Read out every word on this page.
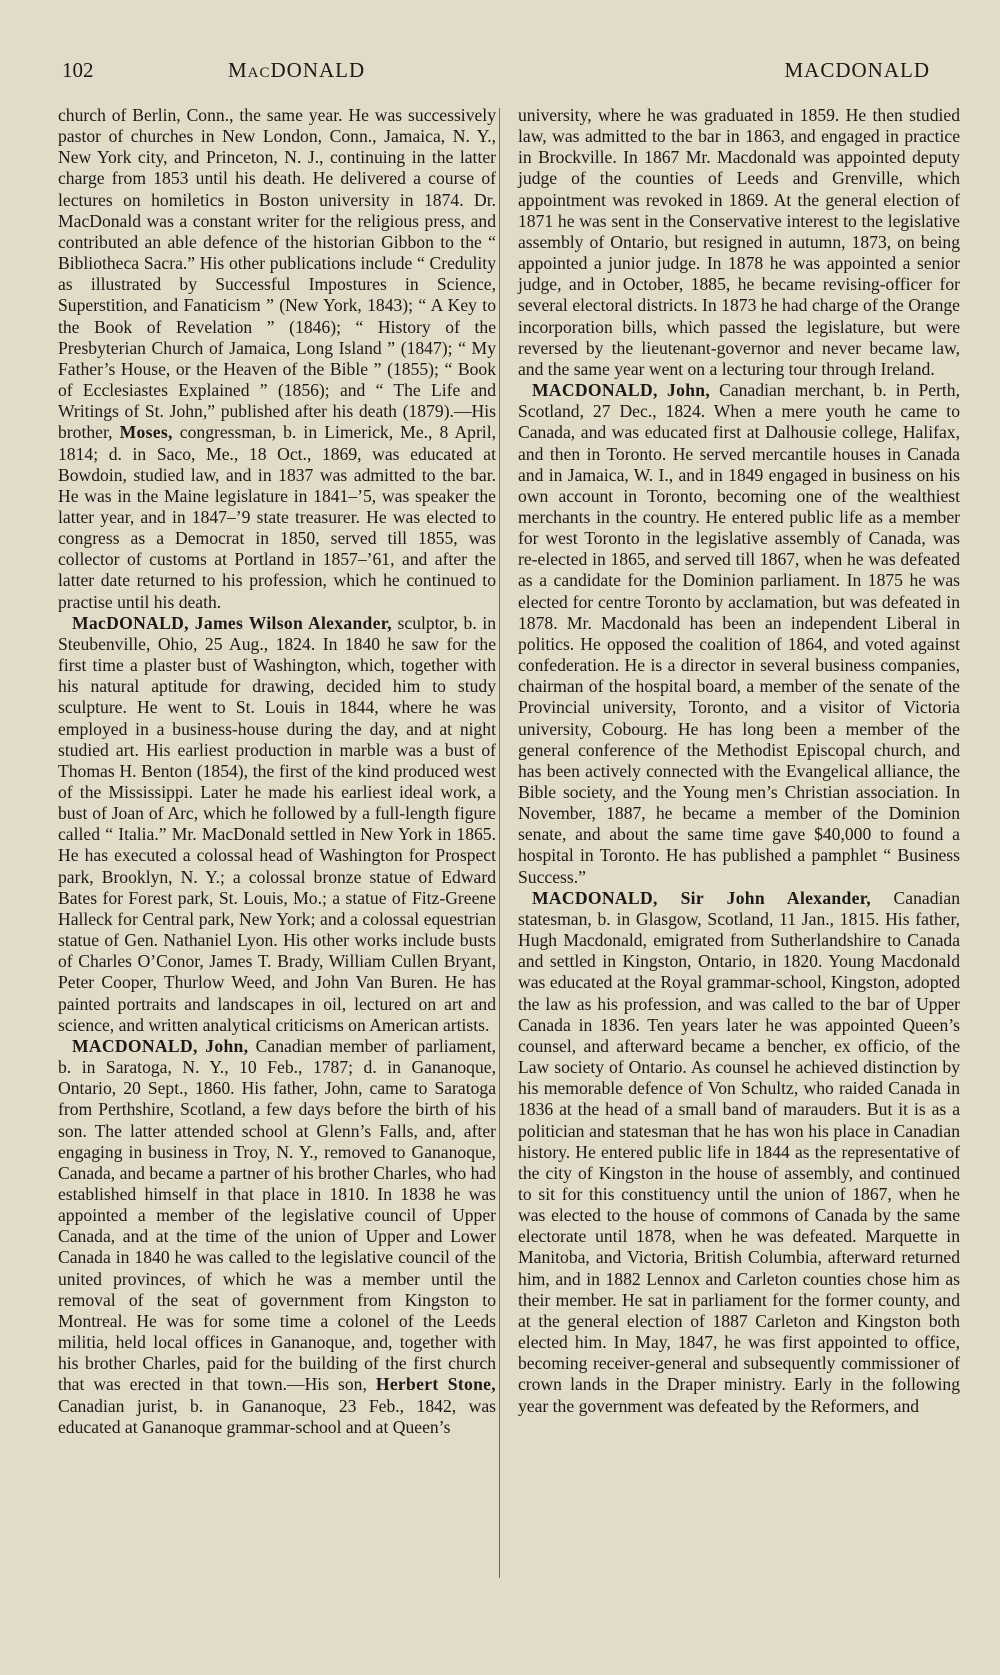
102	MacDONALD	MACDONALD

church of Berlin, Conn., the same year. He was successively pastor of churches in New London, Conn., Jamaica, N. Y., New York city, and Princeton, N. J., continuing in the latter charge from 1853 until his death. He delivered a course of lectures on homiletics in Boston university in 1874. Dr. MacDonald was a constant writer for the religious press, and contributed an able defence of the historian Gibbon to the “ Bibliotheca Sacra.” His other publications include “ Credulity as illustrated by Successful Impostures in Science, Superstition, and Fanaticism ” (New York, 1843); “ A Key to the Book of Revelation ” (1846); “ History of the Presbyterian Church of Jamaica, Long Island ” (1847); “ My Father’s House, or the Heaven of the Bible ” (1855); “ Book of Ecclesiastes Explained ” (1856); and “ The Life and Writings of St. John,” published after his death (1879).—His brother, Moses, congressman, b. in Limerick, Me., 8 April, 1814; d. in Saco, Me., 18 Oct., 1869, was educated at Bowdoin, studied law, and in 1837 was admitted to the bar. He was in the Maine legislature in 1841–’5, was speaker the latter year, and in 1847–’9 state treasurer. He was elected to congress as a Democrat in 1850, served till 1855, was collector of customs at Portland in 1857–’61, and after the latter date returned to his profession, which he continued to practise until his death.

MacDONALD, James Wilson Alexander, sculptor, b. in Steubenville, Ohio, 25 Aug., 1824. In 1840 he saw for the first time a plaster bust of Washington, which, together with his natural aptitude for drawing, decided him to study sculpture. He went to St. Louis in 1844, where he was employed in a business-house during the day, and at night studied art. His earliest production in marble was a bust of Thomas H. Benton (1854), the first of the kind produced west of the Mississippi. Later he made his earliest ideal work, a bust of Joan of Arc, which he followed by a full-length figure called “ Italia.” Mr. MacDonald settled in New York in 1865. He has executed a colossal head of Washington for Prospect park, Brooklyn, N. Y.; a colossal bronze statue of Edward Bates for Forest park, St. Louis, Mo.; a statue of Fitz-Greene Halleck for Central park, New York; and a colossal equestrian statue of Gen. Nathaniel Lyon. His other works include busts of Charles O’Conor, James T. Brady, William Cullen Bryant, Peter Cooper, Thurlow Weed, and John Van Buren. He has painted portraits and landscapes in oil, lectured on art and science, and written analytical criticisms on American artists.

MACDONALD, John, Canadian member of parliament, b. in Saratoga, N. Y., 10 Feb., 1787; d. in Gananoque, Ontario, 20 Sept., 1860. His father, John, came to Saratoga from Perthshire, Scotland, a few days before the birth of his son. The latter attended school at Glenn’s Falls, and, after engaging in business in Troy, N. Y., removed to Gananoque, Canada, and became a partner of his brother Charles, who had established himself in that place in 1810. In 1838 he was appointed a member of the legislative council of Upper Canada, and at the time of the union of Upper and Lower Canada in 1840 he was called to the legislative council of the united provinces, of which he was a member until the removal of the seat of government from Kingston to Montreal. He was for some time a colonel of the Leeds militia, held local offices in Gananoque, and, together with his brother Charles, paid for the building of the first church that was erected in that town.—His son, Herbert Stone, Canadian jurist, b. in Gananoque, 23 Feb., 1842, was educated at Gananoque grammar-school and at Queen’s

university, where he was graduated in 1859. He then studied law, was admitted to the bar in 1863, and engaged in practice in Brockville. In 1867 Mr. Macdonald was appointed deputy judge of the counties of Leeds and Grenville, which appointment was revoked in 1869. At the general election of 1871 he was sent in the Conservative interest to the legislative assembly of Ontario, but resigned in autumn, 1873, on being appointed a junior judge. In 1878 he was appointed a senior judge, and in October, 1885, he became revising-officer for several electoral districts. In 1873 he had charge of the Orange incorporation bills, which passed the legislature, but were reversed by the lieutenant-governor and never became law, and the same year went on a lecturing tour through Ireland.

MACDONALD, John, Canadian merchant, b. in Perth, Scotland, 27 Dec., 1824. When a mere youth he came to Canada, and was educated first at Dalhousie college, Halifax, and then in Toronto. He served mercantile houses in Canada and in Jamaica, W. I., and in 1849 engaged in business on his own account in Toronto, becoming one of the wealthiest merchants in the country. He entered public life as a member for west Toronto in the legislative assembly of Canada, was re-elected in 1865, and served till 1867, when he was defeated as a candidate for the Dominion parliament. In 1875 he was elected for centre Toronto by acclamation, but was defeated in 1878. Mr. Macdonald has been an independent Liberal in politics. He opposed the coalition of 1864, and voted against confederation. He is a director in several business companies, chairman of the hospital board, a member of the senate of the Provincial university, Toronto, and a visitor of Victoria university, Cobourg. He has long been a member of the general conference of the Methodist Episcopal church, and has been actively connected with the Evangelical alliance, the Bible society, and the Young men’s Christian association. In November, 1887, he became a member of the Dominion senate, and about the same time gave $40,000 to found a hospital in Toronto. He has published a pamphlet “ Business Success.”

MACDONALD, Sir John Alexander, Canadian statesman, b. in Glasgow, Scotland, 11 Jan., 1815. His father, Hugh Macdonald, emigrated from Sutherlandshire to Canada and settled in Kingston, Ontario, in 1820. Young Macdonald was educated at the Royal grammar-school, Kingston, adopted the law as his profession, and was called to the bar of Upper Canada in 1836. Ten years later he was appointed Queen’s counsel, and afterward became a bencher, ex officio, of the Law society of Ontario. As counsel he achieved distinction by his memorable defence of Von Schultz, who raided Canada in 1836 at the head of a small band of marauders. But it is as a politician and statesman that he has won his place in Canadian history. He entered public life in 1844 as the representative of the city of Kingston in the house of assembly, and continued to sit for this constituency until the union of 1867, when he was elected to the house of commons of Canada by the same electorate until 1878, when he was defeated. Marquette in Manitoba, and Victoria, British Columbia, afterward returned him, and in 1882 Lennox and Carleton counties chose him as their member. He sat in parliament for the former county, and at the general election of 1887 Carleton and Kingston both elected him. In May, 1847, he was first appointed to office, becoming receiver-general and subsequently commissioner of crown lands in the Draper ministry. Early in the following year the government was defeated by the Reformers, and
